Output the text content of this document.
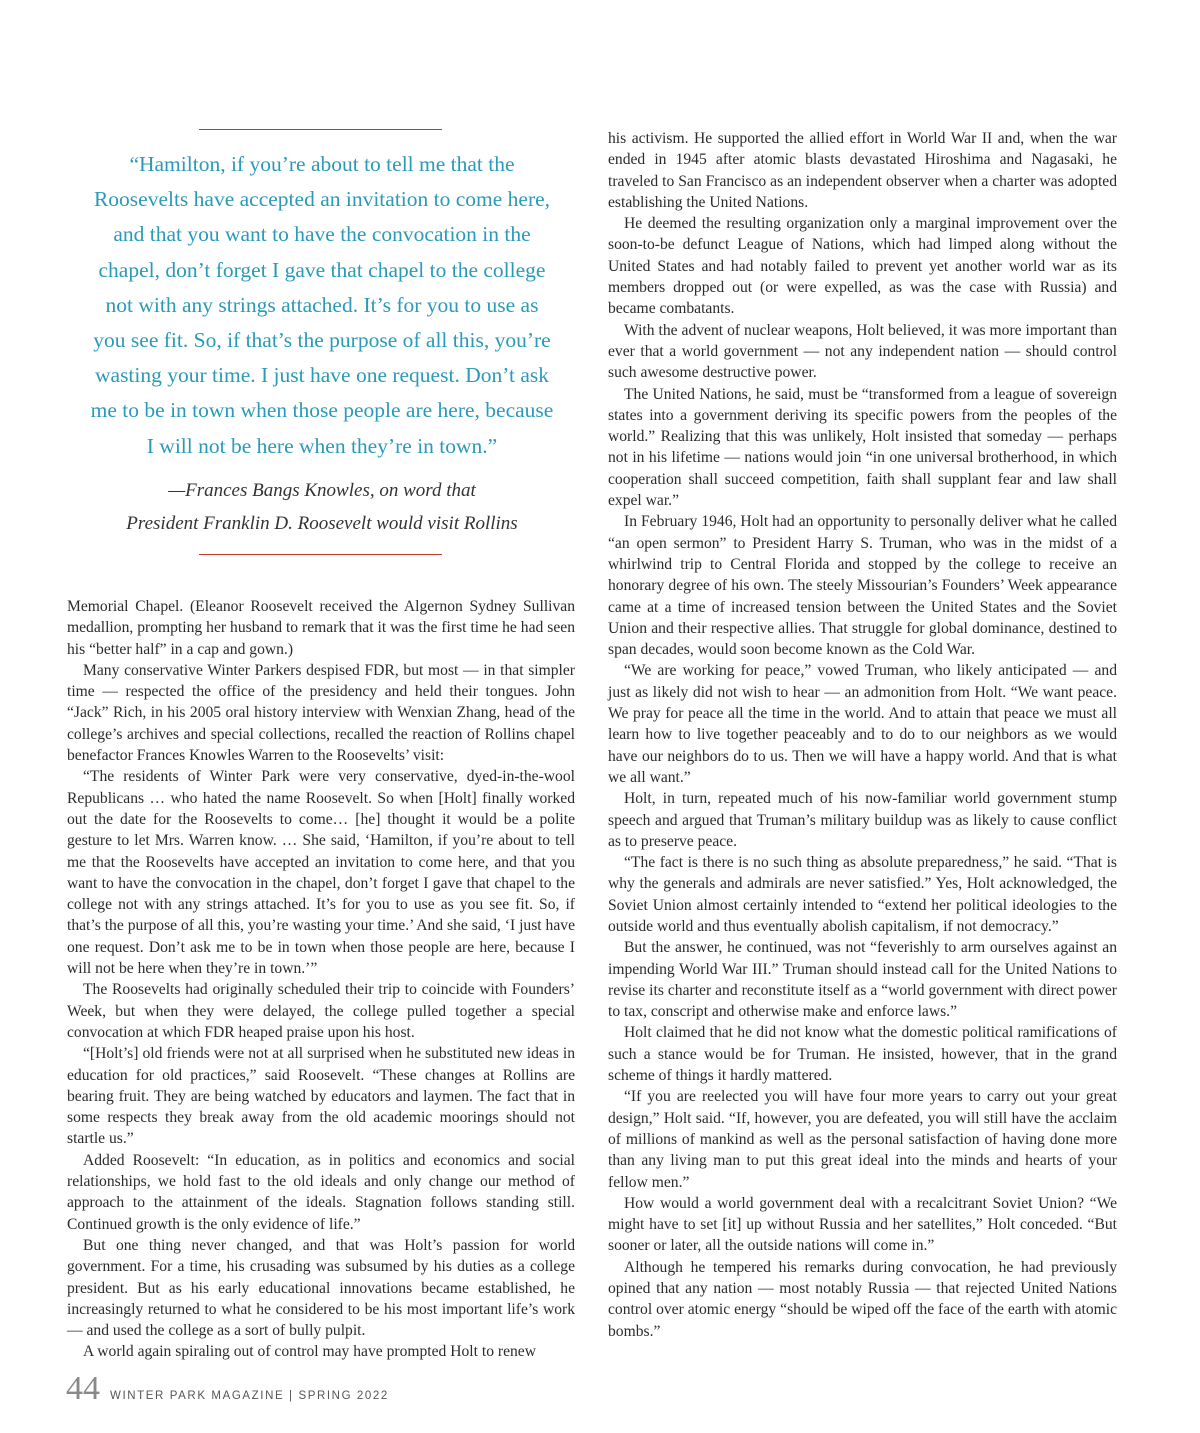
“Hamilton, if you’re about to tell me that the

Roosevelts have accepted an invitation to come here,

and that you want to have the convocation in the

chapel, don’t forget I gave that chapel to the college

not with any strings attached. It’s for you to use as

you see fit. So, if that’s the purpose of all this, you’re

wasting your time. I just have one request. Don’t ask

me to be in town when those people are here, because

I will not be here when they’re in town.”

—Frances Bangs Knowles, on word that
President Franklin D. Roosevelt would visit Rollins

Memorial Chapel. (Eleanor Roosevelt received the Algernon Sydney Sullivan medallion, prompting her husband to remark that it was the first time he had seen his “better half” in a cap and gown.)

Many conservative Winter Parkers despised FDR, but most — in that simpler time — respected the office of the presidency and held their tongues. John “Jack” Rich, in his 2005 oral history interview with Wenxian Zhang, head of the college’s archives and special collections, recalled the reaction of Rollins chapel benefactor Frances Knowles Warren to the Roosevelts’ visit:

“The residents of Winter Park were very conservative, dyed-in-the-wool Republicans … who hated the name Roosevelt. So when [Holt] finally worked out the date for the Roosevelts to come… [he] thought it would be a polite gesture to let Mrs. Warren know. … She said, ‘Hamilton, if you’re about to tell me that the Roosevelts have accepted an invitation to come here, and that you want to have the convocation in the chapel, don’t forget I gave that chapel to the college not with any strings attached. It’s for you to use as you see fit. So, if that’s the purpose of all this, you’re wasting your time.’ And she said, ‘I just have one request. Don’t ask me to be in town when those people are here, because I will not be here when they’re in town.’”

The Roosevelts had originally scheduled their trip to coincide with Founders’ Week, but when they were delayed, the college pulled together a special convocation at which FDR heaped praise upon his host.

“[Holt’s] old friends were not at all surprised when he substituted new ideas in education for old practices,” said Roosevelt. “These changes at Rollins are bearing fruit. They are being watched by educators and laymen. The fact that in some respects they break away from the old academic moorings should not startle us.”

Added Roosevelt: “In education, as in politics and economics and social relationships, we hold fast to the old ideals and only change our method of approach to the attainment of the ideals. Stagnation follows standing still. Continued growth is the only evidence of life.”

But one thing never changed, and that was Holt’s passion for world government. For a time, his crusading was subsumed by his duties as a college president. But as his early educational innovations became established, he increasingly returned to what he considered to be his most important life’s work — and used the college as a sort of bully pulpit.

A world again spiraling out of control may have prompted Holt to renew

his activism. He supported the allied effort in World War II and, when the war ended in 1945 after atomic blasts devastated Hiroshima and Nagasaki, he traveled to San Francisco as an independent observer when a charter was adopted establishing the United Nations.

He deemed the resulting organization only a marginal improvement over the soon-to-be defunct League of Nations, which had limped along without the United States and had notably failed to prevent yet another world war as its members dropped out (or were expelled, as was the case with Russia) and became combatants.

With the advent of nuclear weapons, Holt believed, it was more important than ever that a world government — not any independent nation — should control such awesome destructive power.

The United Nations, he said, must be “transformed from a league of sovereign states into a government deriving its specific powers from the peoples of the world.” Realizing that this was unlikely, Holt insisted that someday — perhaps not in his lifetime — nations would join “in one universal brotherhood, in which cooperation shall succeed competition, faith shall supplant fear and law shall expel war.”

In February 1946, Holt had an opportunity to personally deliver what he called “an open sermon” to President Harry S. Truman, who was in the midst of a whirlwind trip to Central Florida and stopped by the college to receive an honorary degree of his own. The steely Missourian’s Founders’ Week appearance came at a time of increased tension between the United States and the Soviet Union and their respective allies. That struggle for global dominance, destined to span decades, would soon become known as the Cold War.

“We are working for peace,” vowed Truman, who likely anticipated — and just as likely did not wish to hear — an admonition from Holt. “We want peace. We pray for peace all the time in the world. And to attain that peace we must all learn how to live together peaceably and to do to our neighbors as we would have our neighbors do to us. Then we will have a happy world. And that is what we all want.”

Holt, in turn, repeated much of his now-familiar world government stump speech and argued that Truman’s military buildup was as likely to cause conflict as to preserve peace.

“The fact is there is no such thing as absolute preparedness,” he said. “That is why the generals and admirals are never satisfied.” Yes, Holt acknowledged, the Soviet Union almost certainly intended to “extend her political ideologies to the outside world and thus eventually abolish capitalism, if not democracy.”

But the answer, he continued, was not “feverishly to arm ourselves against an impending World War III.” Truman should instead call for the United Nations to revise its charter and reconstitute itself as a “world government with direct power to tax, conscript and otherwise make and enforce laws.”

Holt claimed that he did not know what the domestic political ramifications of such a stance would be for Truman. He insisted, however, that in the grand scheme of things it hardly mattered.

“If you are reelected you will have four more years to carry out your great design,” Holt said. “If, however, you are defeated, you will still have the acclaim of millions of mankind as well as the personal satisfaction of having done more than any living man to put this great ideal into the minds and hearts of your fellow men.”

How would a world government deal with a recalcitrant Soviet Union? “We might have to set [it] up without Russia and her satellites,” Holt conceded. “But sooner or later, all the outside nations will come in.”

Although he tempered his remarks during convocation, he had previously opined that any nation — most notably Russia — that rejected United Nations control over atomic energy “should be wiped off the face of the earth with atomic bombs.”

44 WINTER PARK MAGAZINE | SPRING 2022
